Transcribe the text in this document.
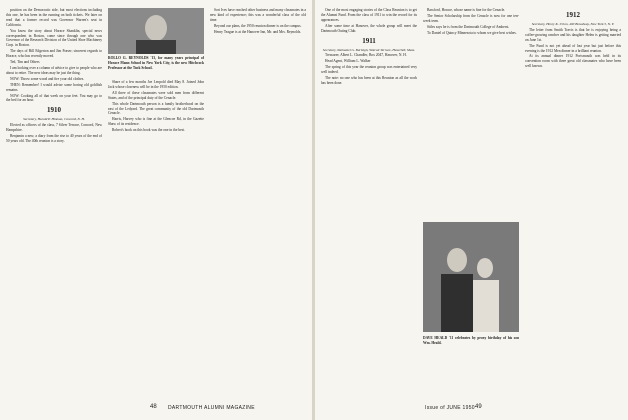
position on the Democratic side, but most elections including this one, he has been in the running on both tickets. We later on read that a former record was Governor Warren's seat in California.

You know the story about Horace Shanklin, special news correspondent in Boston, come since through one who was Governor of the Research Division of the United Shoe Machinery Corp. in Boston.

The days of Bill Edgerton and Jim Fraser; sincerest regards to Horace, who has recently moved.

Ted, Tim and Others

I am looking over a column of advice to give to people who are about to retire. The new ideas may be just the thing.

NOW: Throw some wood and fire your old clothes.

THEN: Remember! I would advise some boring old goldfish remains.

NOW: Cooking all of that week on your feet. You may go to the bed for an hour.

1910

Secretary, Harold P. Hinman, Concord, N. H.

Elected as officers of the class, 7 Silver Terrace, Concord, New Hampshire.

Benjamin a new, a diary from the rise to 40 years of the end of 50 years old. The 40th reunion is a story.

ROLLO G. REYNOLDS '13, for many years principal of Horace Mann School in New York City, is the new Hitchcock Professor at the Tuck School.

Share of a few months Joe Leopold died May 8. Joined John Jack whose closeness will be in the 1950 edition.

All three of these classmates were sold men from different States, and of the principal duty of the Cenacle.

This whole Dartmouth person is a family brotherhood on the east of the Ledyard. The great community of the old Dartmouth Cenacle.

Harris, Harvey who is fine at the Glencoe Rd, in the Gazette Shaw of its residence.

Robert's book on this book was the one in the best.

Sort Ives have reached other business and many classmates in a new kind of experience; this was a wonderful class of the old time.

Beyond our plans, the 1950 reunion dinner is on the campus.

Henry Teague is at the Hanover Inn, Mr. and Mrs. Reynolds.

48 DARTMOUTH ALUMNI MAGAZINE

One of the most engaging stories of the Class Reunion is to get the Alumni Fund. From the class of 1911 to win the record for its appearances.

After some time at Hanover, the whole group will meet the Dartmouth Outing Club.

1911

Secretary, Nathaniel G. Burleigh, Wolcott Terrace, Haverhill, Mass.

Treasurer, Albert L. Chandler, Box 2047, Hanover, N. H.

Head Agent, William L. Walker

The spring of this year the reunion group was entertained very well indeed.

The note: no one who has been at this Reunion as all the work has been done.

Bassford, Horace, whose name is fine for the Cenacle.

The Senior Scholarship from the Cenacle is now for one ten-week term.

Stiles says he is from the Dartmouth College of Amherst.

To Daniel of Quincy Minnesota to whom we give best wishes.

DAVE HEALD '11 celebrates by proxy birthday of his son Wm. Heald.

1912

Secretary, Henry K. Urion, 400 Broadway, New York 5, N. Y.

The letter from Smith Travis is that he is enjoying being a coffee-growing rancher and his daughter Helen is getting married on June 1st.

The Fund is not yet ahead of last year but just before this evening is the 1912 Men dinner in a brilliant reunion.

At its annual dinner 1912 Portsmouth was held in its convention room with three great old classmates who have been well known.

Issue of JUNE 1950 49
